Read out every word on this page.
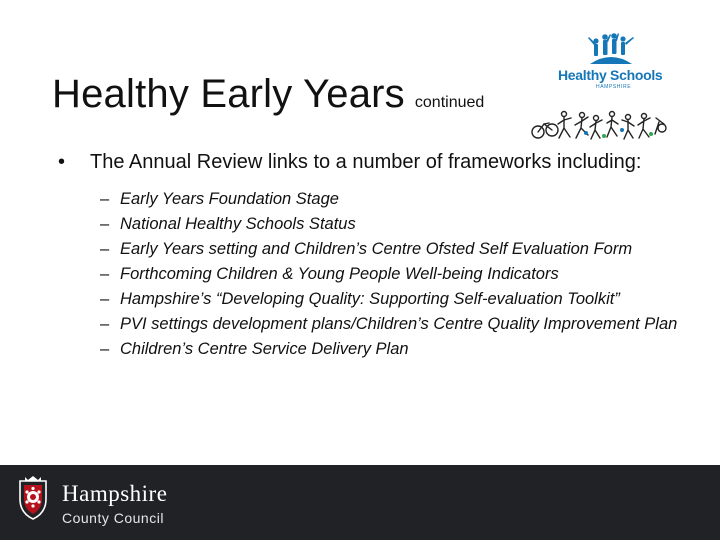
Healthy Early Years continued
Healthy Schools
HAMPSHIRE
• The Annual Review links to a number of frameworks including:
– Early Years Foundation Stage
– National Healthy Schools Status
– Early Years setting and Children’s Centre Ofsted Self Evaluation Form
– Forthcoming Children & Young People Well-being Indicators
– Hampshire’s “Developing Quality: Supporting Self-evaluation Toolkit”
– PVI settings development plans/Children’s Centre Quality Improvement Plan
– Children’s Centre Service Delivery Plan
Hampshire
County Council
